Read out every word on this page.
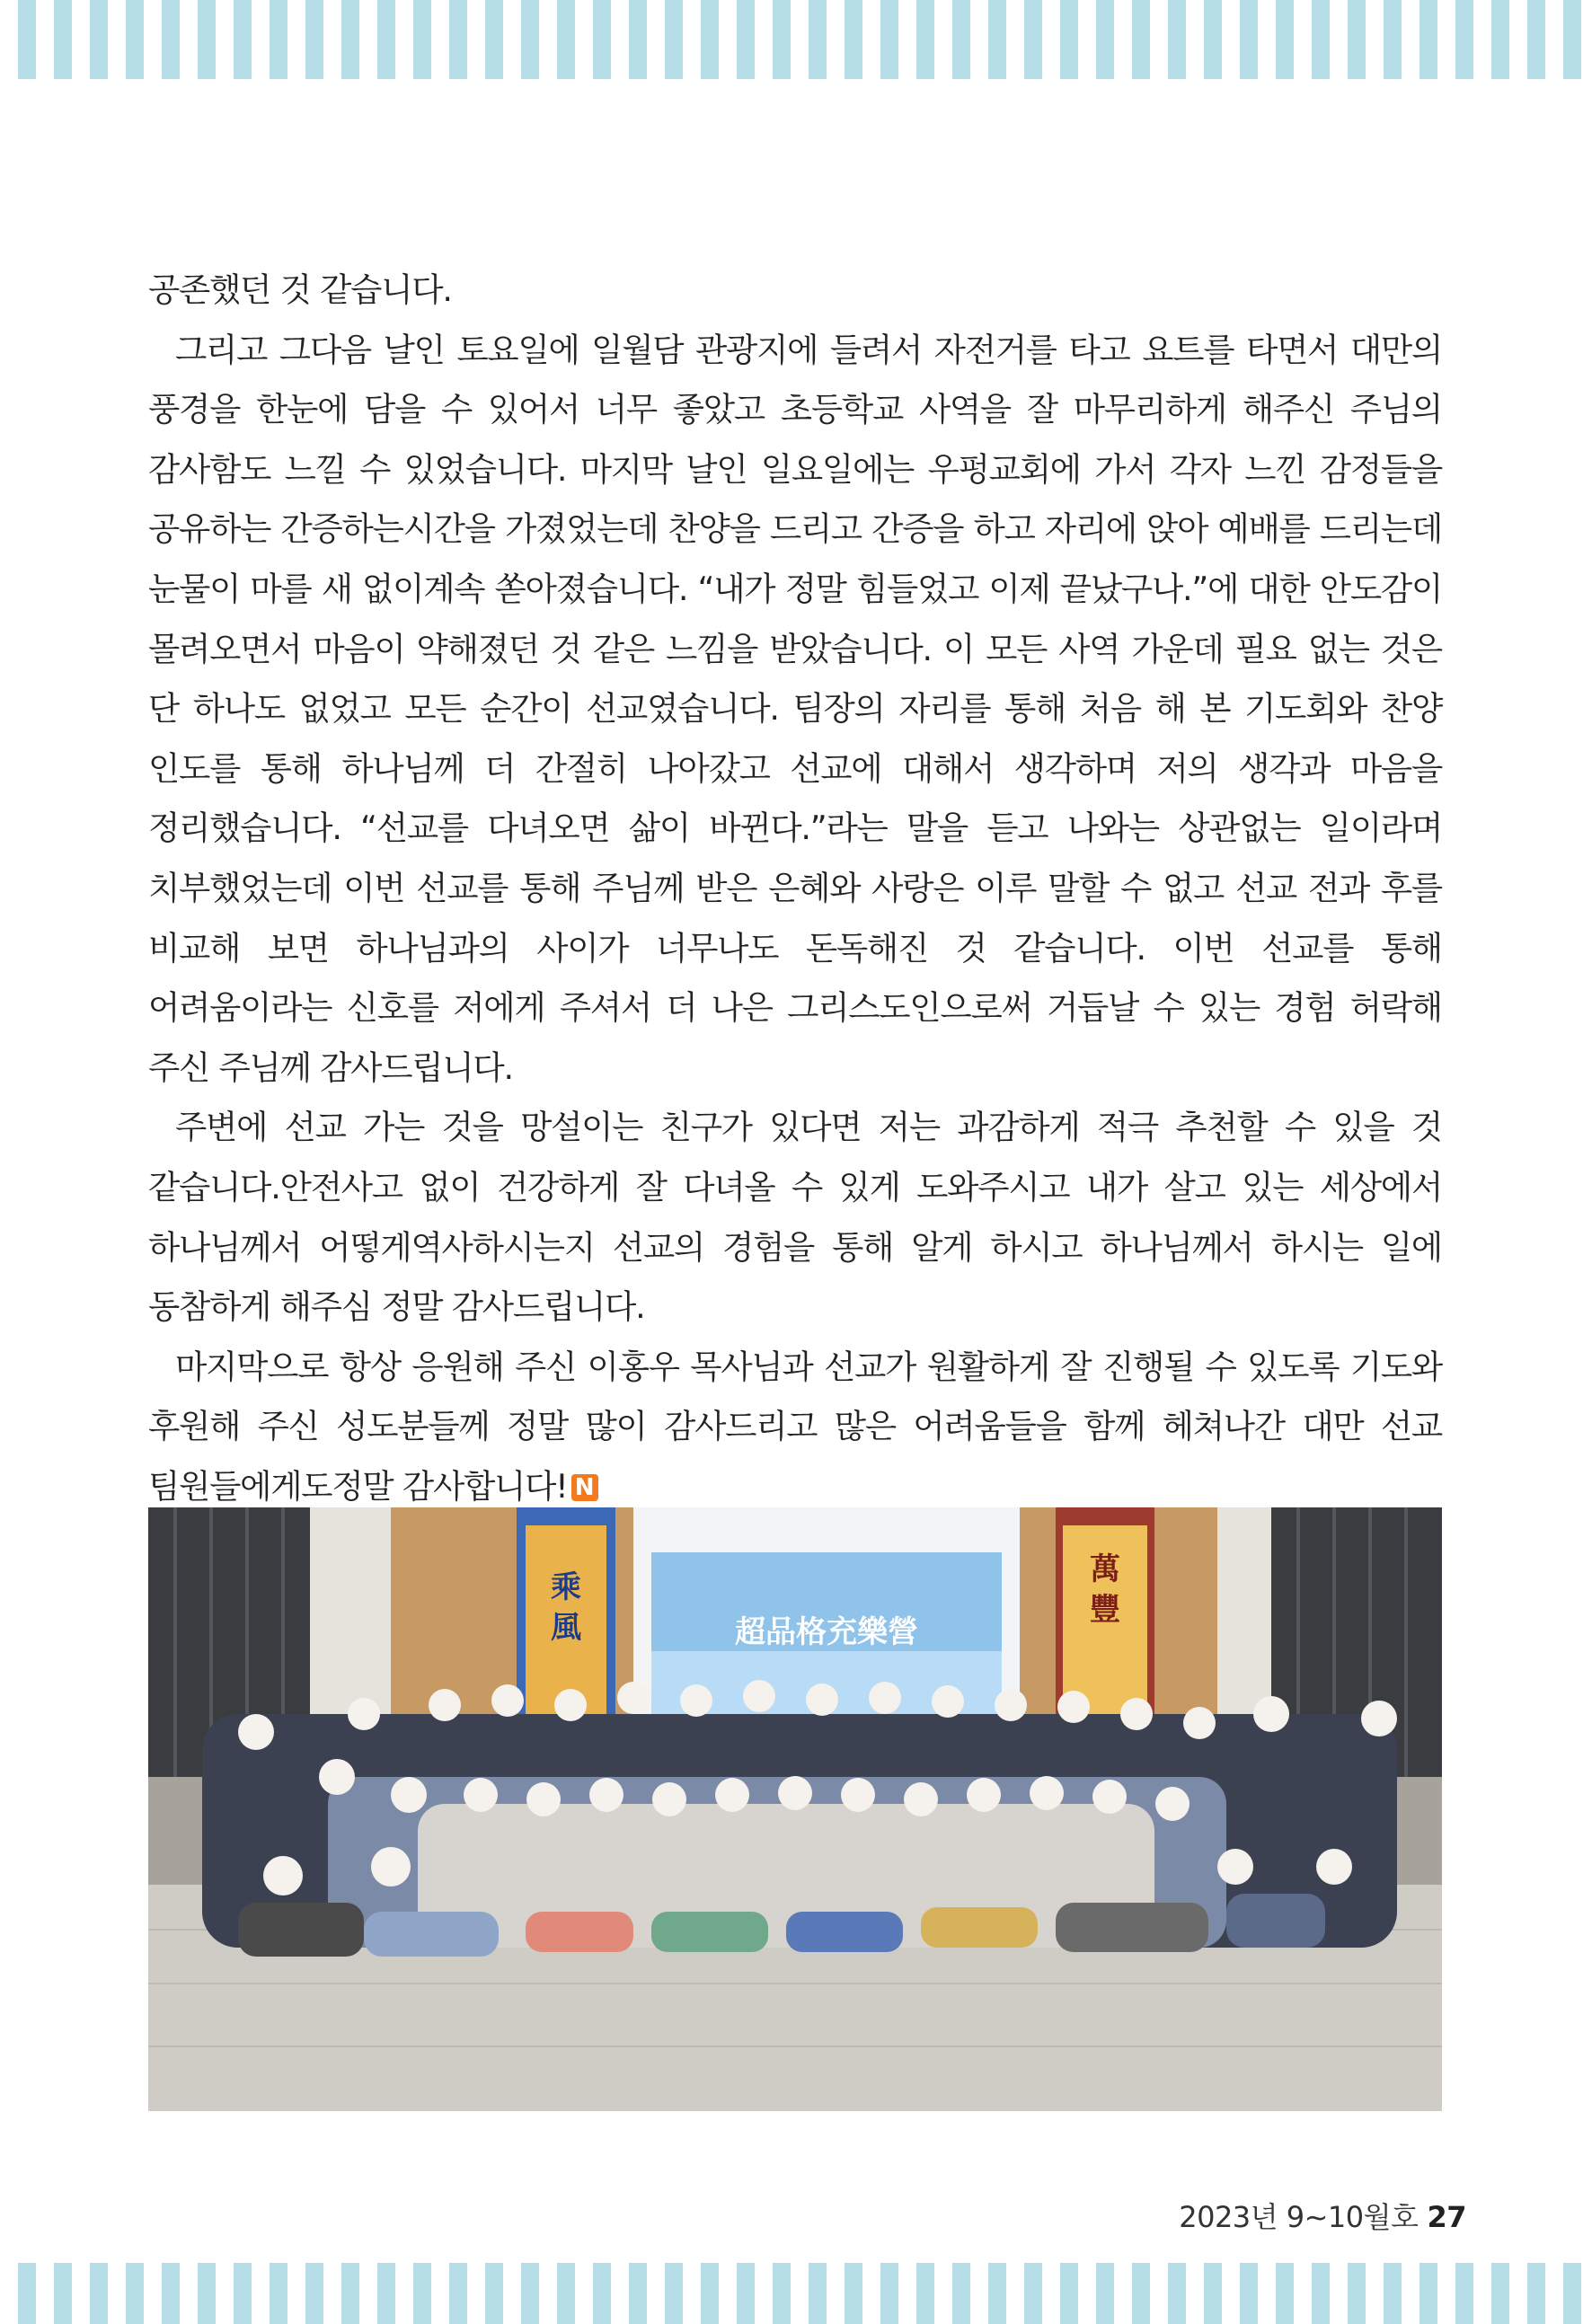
공존했던 것 같습니다.

그리고 그다음 날인 토요일에 일월담 관광지에 들려서 자전거를 타고 요트를 타면서 대만의 풍경을 한눈에 담을 수 있어서 너무 좋았고 초등학교 사역을 잘 마무리하게 해주신 주님의 감사함도 느낄 수 있었습니다. 마지막 날인 일요일에는 우펑교회에 가서 각자 느낀 감정들을 공유하는 간증하는시간을 가졌었는데 찬양을 드리고 간증을 하고 자리에 앉아 예배를 드리는데 눈물이 마를 새 없이계속 쏟아졌습니다. “내가 정말 힘들었고 이제 끝났구나.”에 대한 안도감이 몰려오면서 마음이 약해졌던 것 같은 느낌을 받았습니다. 이 모든 사역 가운데 필요 없는 것은 단 하나도 없었고 모든 순간이 선교였습니다. 팀장의 자리를 통해 처음 해 본 기도회와 찬양 인도를 통해 하나님께 더 간절히 나아갔고 선교에 대해서 생각하며 저의 생각과 마음을 정리했습니다. “선교를 다녀오면 삶이 바뀐다.”라는 말을 듣고 나와는 상관없는 일이라며 치부했었는데 이번 선교를 통해 주님께 받은 은혜와 사랑은 이루 말할 수 없고 선교 전과 후를 비교해 보면 하나님과의 사이가 너무나도 돈독해진 것 같습니다. 이번 선교를 통해 어려움이라는 신호를 저에게 주셔서 더 나은 그리스도인으로써 거듭날 수 있는 경험 허락해 주신 주님께 감사드립니다.

주변에 선교 가는 것을 망설이는 친구가 있다면 저는 과감하게 적극 추천할 수 있을 것 같습니다.안전사고 없이 건강하게 잘 다녀올 수 있게 도와주시고 내가 살고 있는 세상에서 하나님께서 어떻게역사하시는지 선교의 경험을 통해 알게 하시고 하나님께서 하시는 일에 동참하게 해주심 정말 감사드립니다.

마지막으로 항상 응원해 주신 이홍우 목사님과 선교가 원활하게 잘 진행될 수 있도록 기도와 후원해 주신 성도분들께 정말 많이 감사드리고 많은 어려움들을 함께 헤쳐나간 대만 선교 팀원들에게도정말 감사합니다! N

乘
風
萬
豐
超品格充樂營
2023년 9~10월호 27
